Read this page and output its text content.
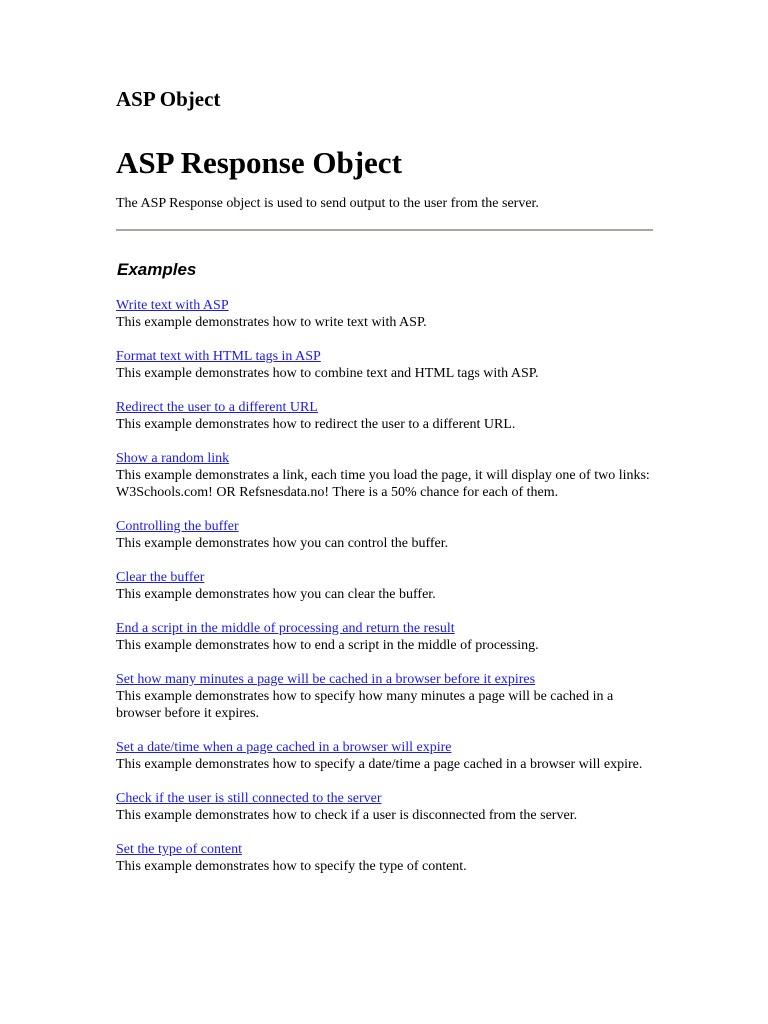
ASP Object
ASP Response Object

The ASP Response object is used to send output to the user from the server.

Examples
Write text with ASP
This example demonstrates how to write text with ASP.
Format text with HTML tags in ASP
This example demonstrates how to combine text and HTML tags with ASP.
Redirect the user to a different URL
This example demonstrates how to redirect the user to a different URL.
Show a random link
This example demonstrates a link, each time you load the page, it will display one of two links: W3Schools.com! OR Refsnesdata.no! There is a 50% chance for each of them.
Controlling the buffer
This example demonstrates how you can control the buffer.
Clear the buffer
This example demonstrates how you can clear the buffer.
End a script in the middle of processing and return the result
This example demonstrates how to end a script in the middle of processing.
Set how many minutes a page will be cached in a browser before it expires
This example demonstrates how to specify how many minutes a page will be cached in a browser before it expires.
Set a date/time when a page cached in a browser will expire
This example demonstrates how to specify a date/time a page cached in a browser will expire.
Check if the user is still connected to the server
This example demonstrates how to check if a user is disconnected from the server.
Set the type of content
This example demonstrates how to specify the type of content.
